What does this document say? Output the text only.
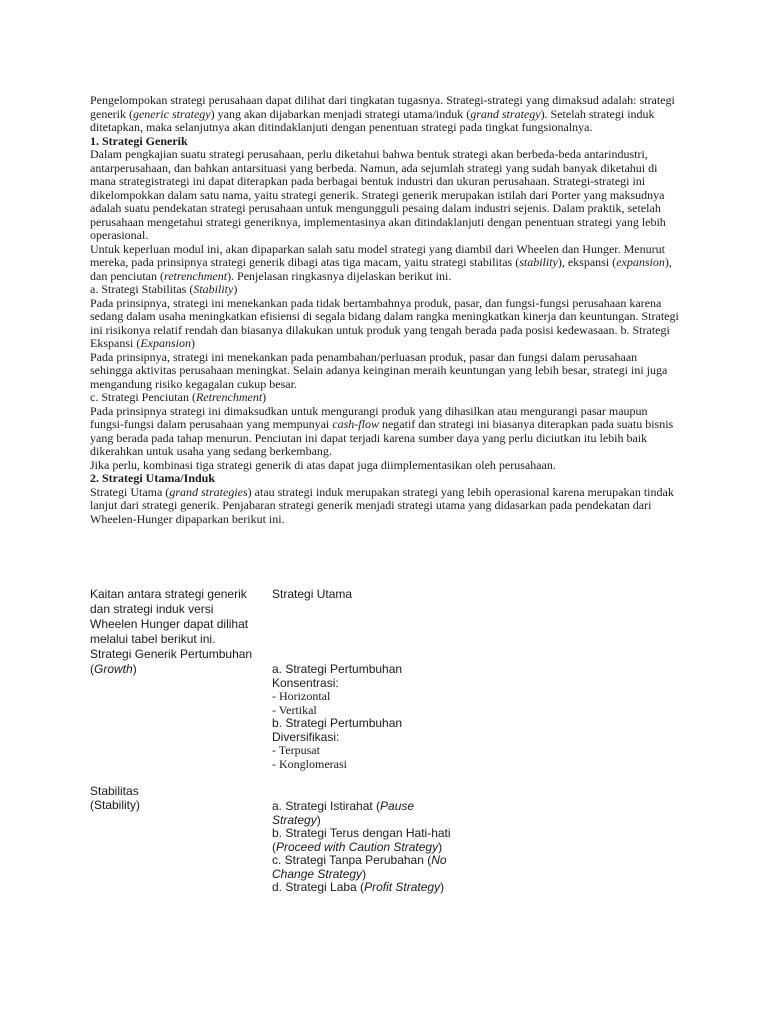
Pengelompokan strategi perusahaan dapat dilihat dari tingkatan tugasnya. Strategi-strategi yang dimaksud adalah: strategi generik (generic strategy) yang akan dijabarkan menjadi strategi utama/induk (grand strategy). Setelah strategi induk ditetapkan, maka selanjutnya akan ditindaklanjuti dengan penentuan strategi pada tingkat fungsionalnya.

1. Strategi Generik

Dalam pengkajian suatu strategi perusahaan, perlu diketahui bahwa bentuk strategi akan berbeda-beda antarindustri, antarperusahaan, dan bahkan antarsituasi yang berbeda. Namun, ada sejumlah strategi yang sudah banyak diketahui di mana strategistrategi ini dapat diterapkan pada berbagai bentuk industri dan ukuran perusahaan. Strategi-strategi ini dikelompokkan dalam satu nama, yaitu strategi generik. Strategi generik merupakan istilah dari Porter yang maksudnya adalah suatu pendekatan strategi perusahaan untuk mengungguli pesaing dalam industri sejenis. Dalam praktik, setelah perusahaan mengetahui strategi generiknya, implementasinya akan ditindaklanjuti dengan penentuan strategi yang lebih operasional.

Untuk keperluan modul ini, akan dipaparkan salah satu model strategi yang diambil dari Wheelen dan Hunger. Menurut mereka, pada prinsipnya strategi generik dibagi atas tiga macam, yaitu strategi stabilitas (stability), ekspansi (expansion), dan penciutan (retrenchment). Penjelasan ringkasnya dijelaskan berikut ini.

a. Strategi Stabilitas (Stability)

Pada prinsipnya, strategi ini menekankan pada tidak bertambahnya produk, pasar, dan fungsi-fungsi perusahaan karena sedang dalam usaha meningkatkan efisiensi di segala bidang dalam rangka meningkatkan kinerja dan keuntungan. Strategi ini risikonya relatif rendah dan biasanya dilakukan untuk produk yang tengah berada pada posisi kedewasaan. b. Strategi Ekspansi (Expansion)

Pada prinsipnya, strategi ini menekankan pada penambahan/perluasan produk, pasar dan fungsi dalam perusahaan sehingga aktivitas perusahaan meningkat. Selain adanya keinginan meraih keuntungan yang lebih besar, strategi ini juga mengandung risiko kegagalan cukup besar.

c. Strategi Penciutan (Retrenchment)

Pada prinsipnya strategi ini dimaksudkan untuk mengurangi produk yang dihasilkan atau mengurangi pasar maupun fungsi-fungsi dalam perusahaan yang mempunyai cash-flow negatif dan strategi ini biasanya diterapkan pada suatu bisnis yang berada pada tahap menurun. Penciutan ini dapat terjadi karena sumber daya yang perlu diciutkan itu lebih baik dikerahkan untuk usaha yang sedang berkembang.

Jika perlu, kombinasi tiga strategi generik di atas dapat juga diimplementasikan oleh perusahaan.

2. Strategi Utama/Induk

Strategi Utama (grand strategies) atau strategi induk merupakan strategi yang lebih operasional karena merupakan tindak lanjut dari strategi generik. Penjabaran strategi generik menjadi strategi utama yang didasarkan pada pendekatan dari Wheelen-Hunger dipaparkan berikut ini.

Kaitan antara strategi generik dan strategi induk versi Wheelen Hunger dapat dilihat melalui tabel berikut ini. Strategi Generik Pertumbuhan (Growth)

Strategi Utama
a. Strategi Pertumbuhan
Konsentrasi:
- Horizontal
- Vertikal
b. Strategi Pertumbuhan
Diversifikasi:
- Terpusat
- Konglomerasi
Stabilitas
(Stability)	a. Strategi Istirahat (Pause Strategy)
b. Strategi Terus dengan Hati-hati (Proceed with Caution Strategy)
c. Strategi Tanpa Perubahan (No Change Strategy)
d. Strategi Laba (Profit Strategy)
